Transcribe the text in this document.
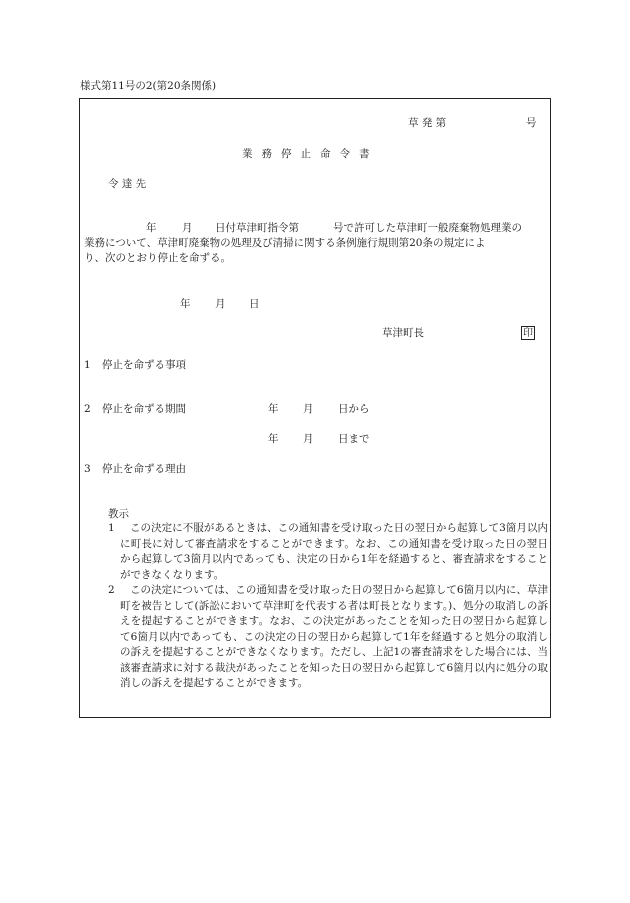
様式第11号の2(第20条関係)
草 発 第	号
業務停止命令書
令 達 先
年 月 日付草津町指令第	号で許可した草津町一般廃棄物処理業の
業務について、草津町廃棄物の処理及び清掃に関する条例施行規則第20条の規定によ
り、次のとおり停止を命ずる。
年 月 日
草津町長	印
1 停止を命ずる事項
2 停止を命ずる期間	年 月 日から
年 月 日まで
3 停止を命ずる理由
教示
1	この決定に不服があるときは、この通知書を受け取った日の翌日から起算して3箇月以内に町長に対して審査請求をすることができます。なお、この通知書を受け取った日の翌日から起算して3箇月以内であっても、決定の日から1年を経過すると、審査請求をすることができなくなります。
2	この決定については、この通知書を受け取った日の翌日から起算して6箇月以内に、草津町を被告として(訴訟において草津町を代表する者は町長となります。)、処分の取消しの訴えを提起することができます。なお、この決定があったことを知った日の翌日から起算して6箇月以内であっても、この決定の日の翌日から起算して1年を経過すると処分の取消しの訴えを提起することができなくなります。ただし、上記1の審査請求をした場合には、当該審査請求に対する裁決があったことを知った日の翌日から起算して6箇月以内に処分の取消しの訴えを提起することができます。
